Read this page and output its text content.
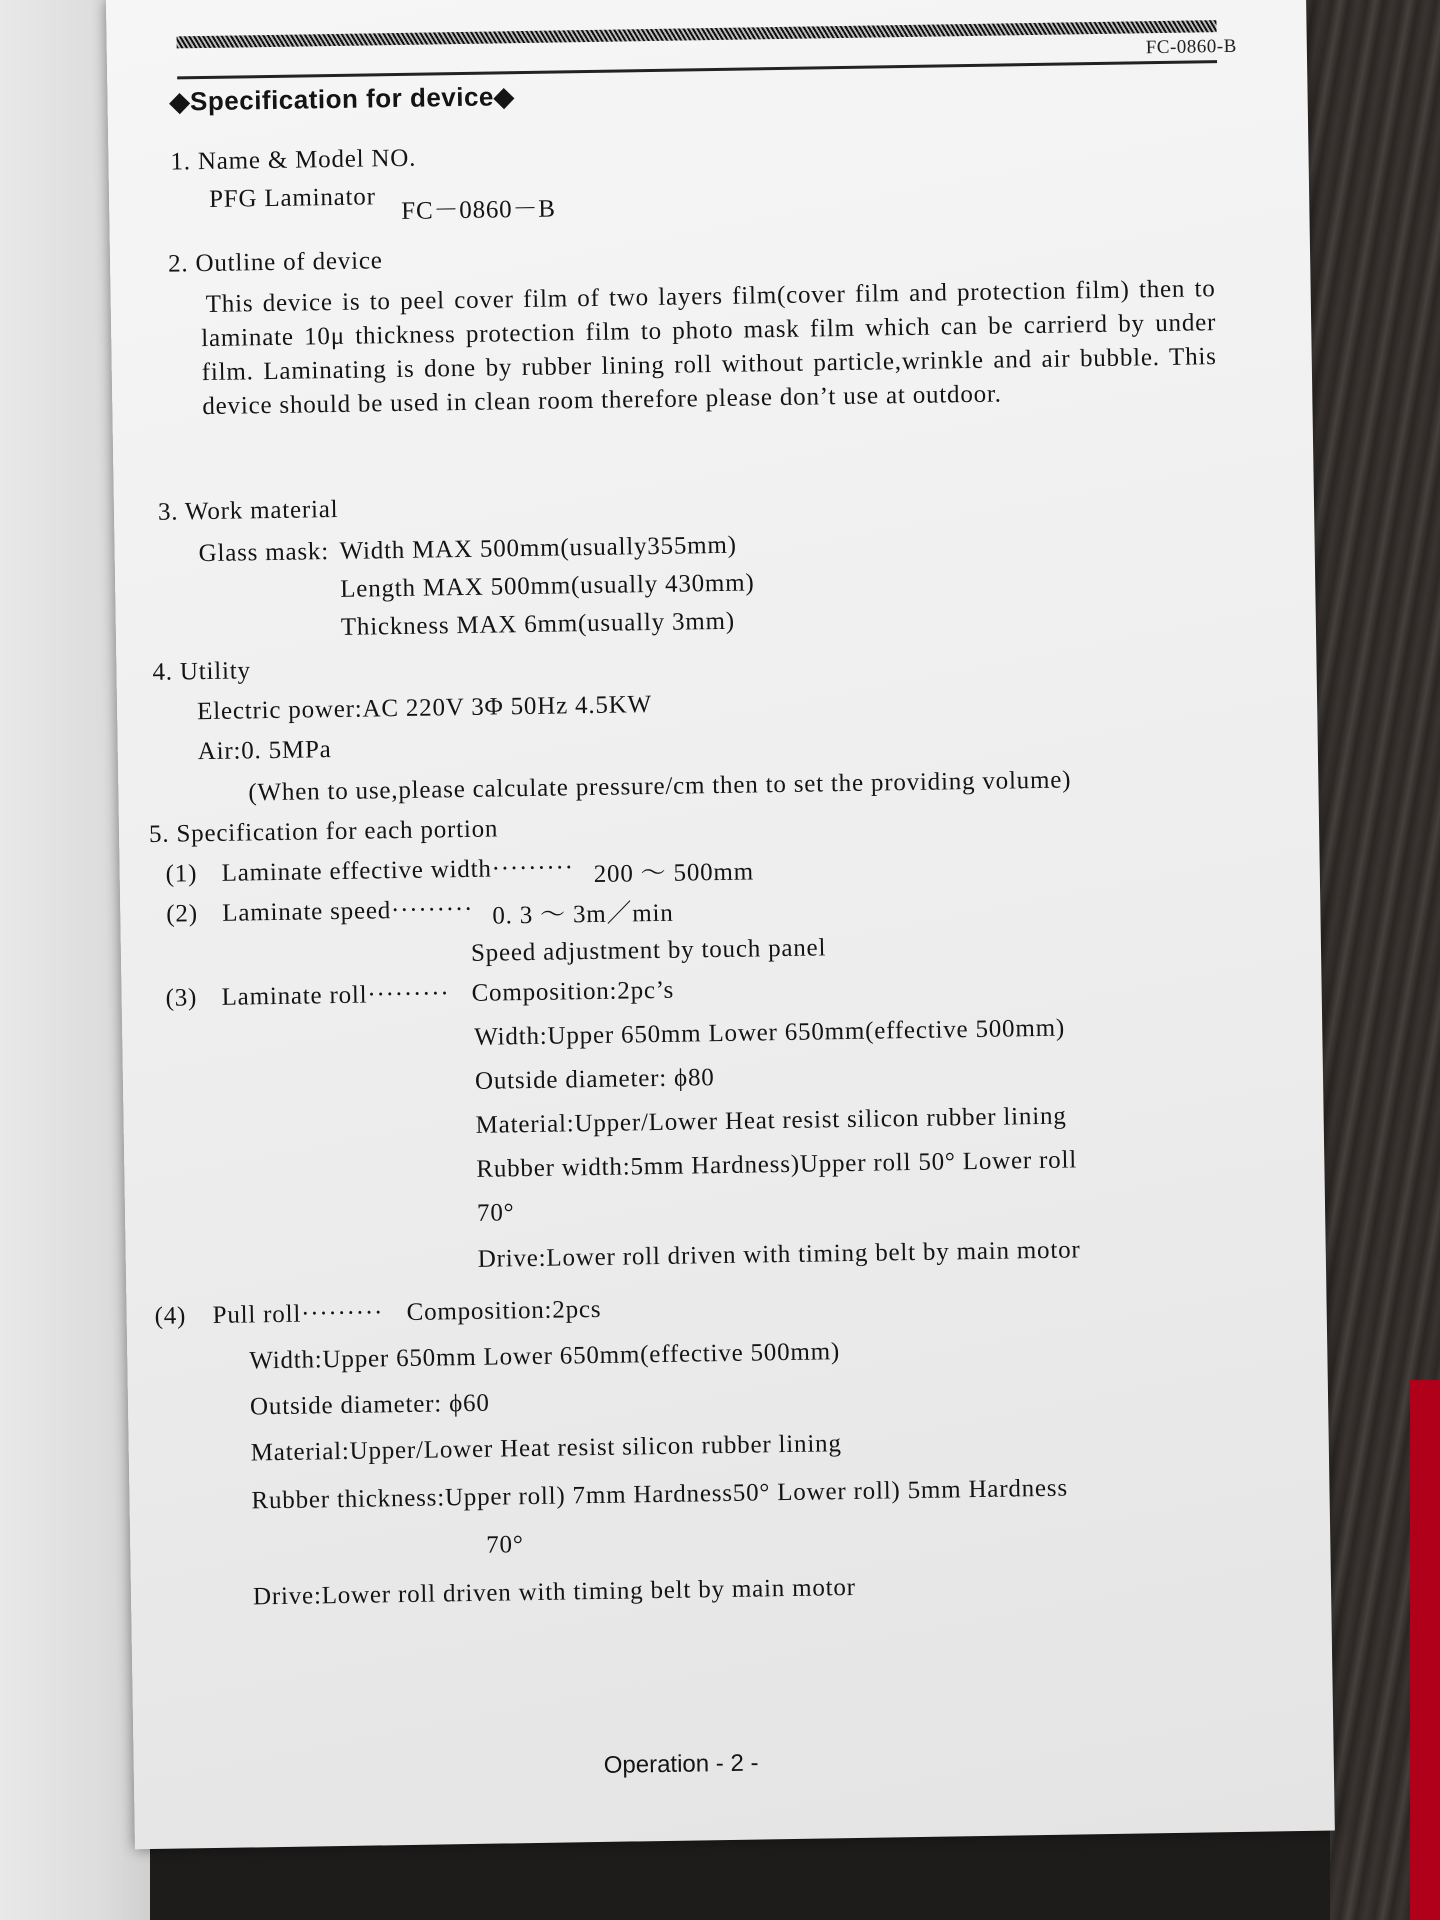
FC-0860-B
◆Specification for device◆
1. Name & Model NO.
PFG Laminator FC－0860－B
2. Outline of device
This device is to peel cover film of two layers film(cover film and protection film) then to laminate 10μ thickness protection film to photo mask film which can be carrierd by under film. Laminating is done by rubber lining roll without particle,wrinkle and air bubble. This device should be used in clean room therefore please don’t use at outdoor.
3. Work material
Glass mask: Width MAX 500mm(usually355mm)
Length MAX 500mm(usually 430mm)
Thickness MAX 6mm(usually 3mm)
4. Utility
Electric power:AC 220V 3Φ 50Hz 4.5KW
Air:0. 5MPa
(When to use,please calculate pressure/cm then to set the providing volume)
5. Specification for each portion
(1) Laminate effective width········· 200 ～ 500mm
(2) Laminate speed········· 0. 3 ～ 3m／min
Speed adjustment by touch panel
(3) Laminate roll········· Composition:2pc’s
Width:Upper 650mm Lower 650mm(effective 500mm)
Outside diameter: ϕ80
Material:Upper/Lower Heat resist silicon rubber lining
Rubber width:5mm Hardness)Upper roll 50° Lower roll
70°
Drive:Lower roll driven with timing belt by main motor
(4) Pull roll········· Composition:2pcs
Width:Upper 650mm Lower 650mm(effective 500mm)
Outside diameter: ϕ60
Material:Upper/Lower Heat resist silicon rubber lining
Rubber thickness:Upper roll) 7mm Hardness50° Lower roll) 5mm Hardness
70°
Drive:Lower roll driven with timing belt by main motor
Operation - 2 -
